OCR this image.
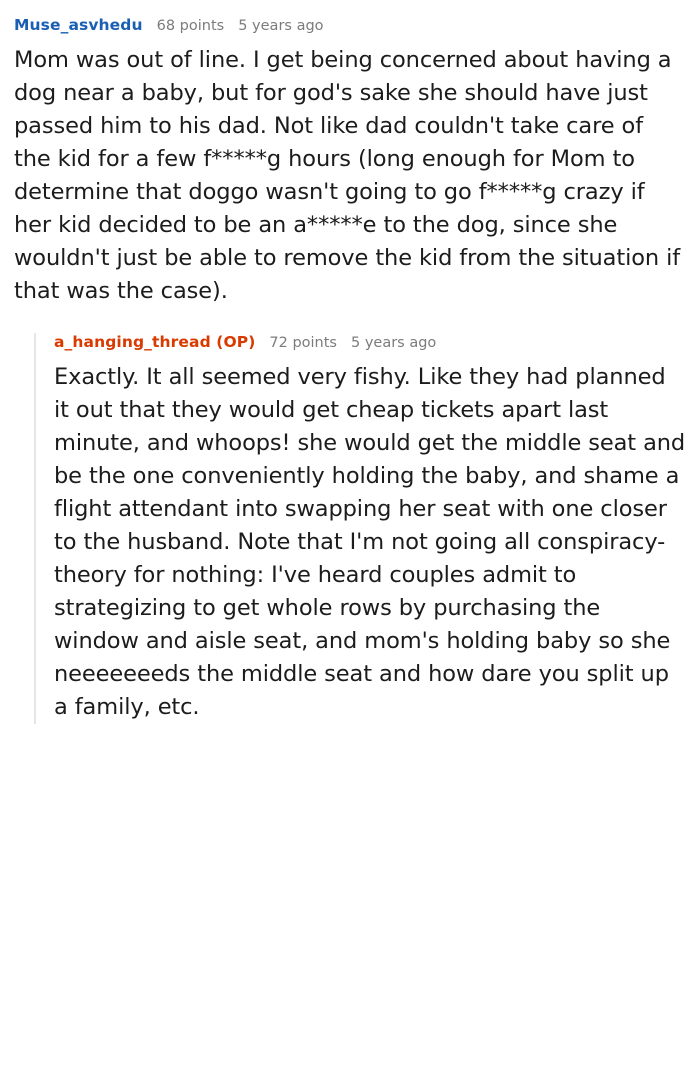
Muse_asvhedu 68 points 5 years ago

Mom was out of line. I get being concerned about having a dog near a baby, but for god's sake she should have just passed him to his dad. Not like dad couldn't take care of the kid for a few f*****g hours (long enough for Mom to determine that doggo wasn't going to go f*****g crazy if her kid decided to be an a*****e to the dog, since she wouldn't just be able to remove the kid from the situation if that was the case).

a_hanging_thread (OP) 72 points 5 years ago

Exactly. It all seemed very fishy. Like they had planned it out that they would get cheap tickets apart last minute, and whoops! she would get the middle seat and be the one conveniently holding the baby, and shame a flight attendant into swapping her seat with one closer to the husband. Note that I'm not going all conspiracy-theory for nothing: I've heard couples admit to strategizing to get whole rows by purchasing the window and aisle seat, and mom's holding baby so she neeeeeeeds the middle seat and how dare you split up a family, etc.
